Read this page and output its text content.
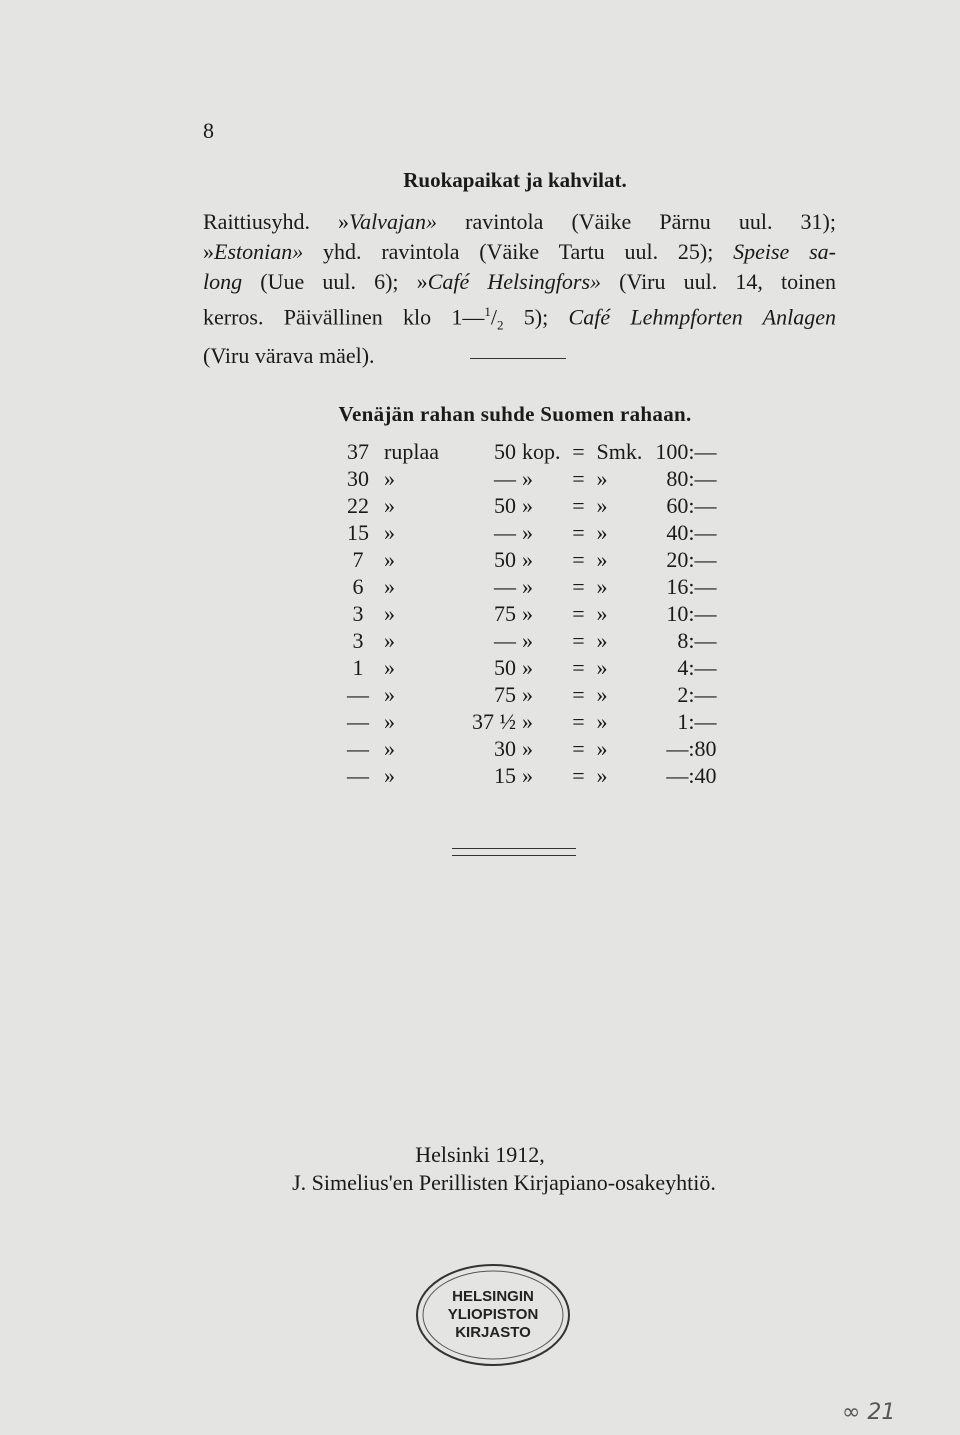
8
Ruokapaikat ja kahvilat.
Raittiusyhd. »Valvajan» ravintola (Väike Pärnu uul. 31);
»Estonian» yhd. ravintola (Väike Tartu uul. 25); Speise sa-
long (Uue uul. 6); »Café Helsingfors» (Viru uul. 14, toinen
kerros. Päivällinen klo $1—^1/_2$ 5); Café Lehmpforten Anlagen
(Viru värava mäel).
Venäjän rahan suhde Suomen rahaan.
37	ruplaa	50	kop.	=	Smk.	100:—
30	»	—	»	=	»	80:—
22	»	50	»	=	»	60:—
15	»	—	»	=	»	40:—
7	»	50	»	=	»	20:—
6	»	—	»	=	»	16:—
3	»	75	»	=	»	10:—
3	»	—	»	=	»	8:—
1	»	50	»	=	»	4:—
—	»	75	»	=	»	2:—
—	»	37 ½	»	=	»	1:—
—	»	30	»	=	»	—:80
—	»	15	»	=	»	—:40
Helsinki 1912,
J. Simelius'en Perillisten Kirjapiano-osakeyhtiö.
HELSINGIN
YLIOPISTON
KIRJASTO
∞ 21
